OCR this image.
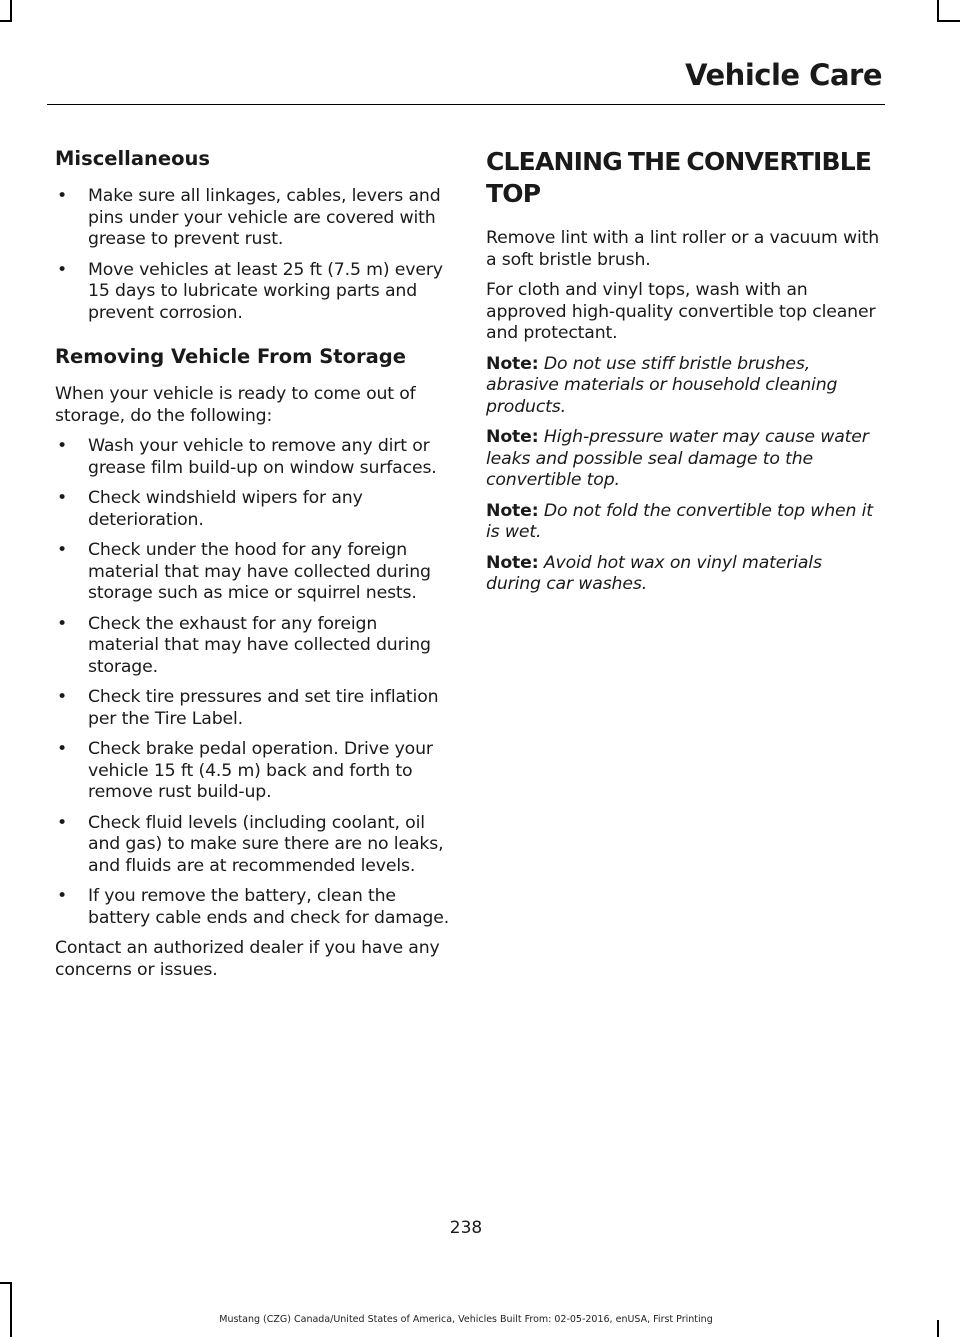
Vehicle Care
Miscellaneous
• Make sure all linkages, cables, levers and pins under your vehicle are covered with grease to prevent rust.
• Move vehicles at least 25 ft (7.5 m) every 15 days to lubricate working parts and prevent corrosion.
Removing Vehicle From Storage

When your vehicle is ready to come out of storage, do the following:

• Wash your vehicle to remove any dirt or grease film build-up on window surfaces.
• Check windshield wipers for any deterioration.
• Check under the hood for any foreign material that may have collected during storage such as mice or squirrel nests.
• Check the exhaust for any foreign material that may have collected during storage.
• Check tire pressures and set tire inflation per the Tire Label.
• Check brake pedal operation. Drive your vehicle 15 ft (4.5 m) back and forth to remove rust build-up.
• Check fluid levels (including coolant, oil and gas) to make sure there are no leaks, and fluids are at recommended levels.
• If you remove the battery, clean the battery cable ends and check for damage.

Contact an authorized dealer if you have any concerns or issues.

CLEANING THE CONVERTIBLE TOP

Remove lint with a lint roller or a vacuum with a soft bristle brush.

For cloth and vinyl tops, wash with an approved high-quality convertible top cleaner and protectant.

Note: Do not use stiff bristle brushes, abrasive materials or household cleaning products.

Note: High-pressure water may cause water leaks and possible seal damage to the convertible top.

Note: Do not fold the convertible top when it is wet.

Note: Avoid hot wax on vinyl materials during car washes.

238
Mustang (CZG) Canada/United States of America, Vehicles Built From: 02-05-2016, enUSA, First Printing
